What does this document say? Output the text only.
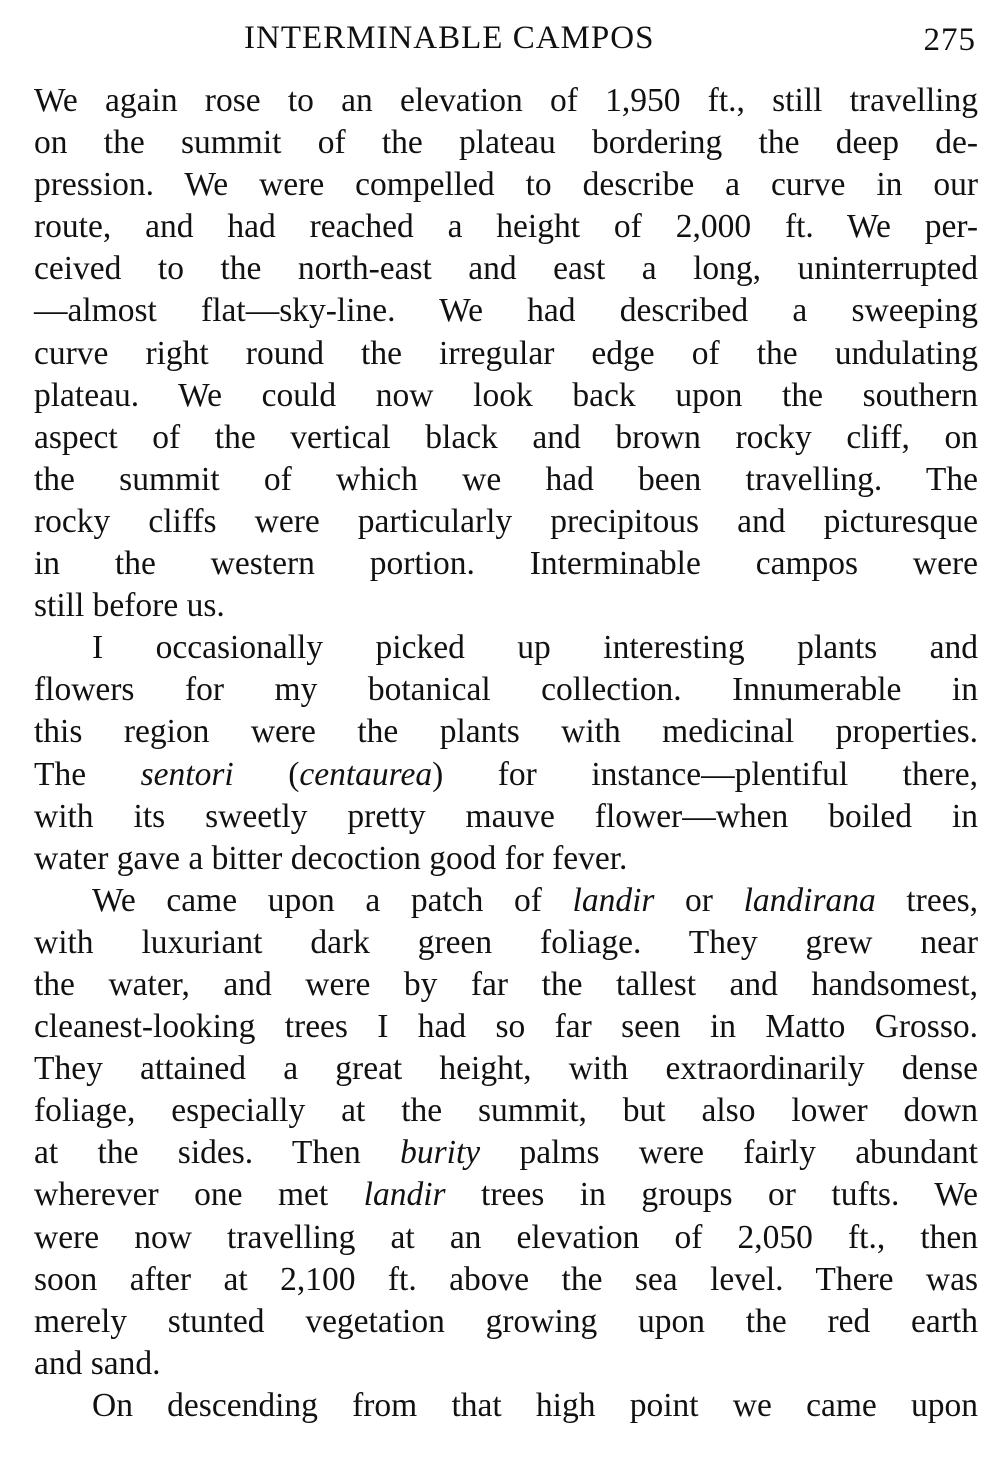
INTERMINABLE CAMPOS	275
We again rose to an elevation of 1,950 ft., still travelling
on the summit of the plateau bordering the deep de-
pression. We were compelled to describe a curve in our
route, and had reached a height of 2,000 ft. We per-
ceived to the north-east and east a long, uninterrupted
—almost flat—sky-line. We had described a sweeping
curve right round the irregular edge of the undulating
plateau. We could now look back upon the southern
aspect of the vertical black and brown rocky cliff, on
the summit of which we had been travelling. The
rocky cliffs were particularly precipitous and picturesque
in the western portion. Interminable campos were
still before us.
I occasionally picked up interesting plants and
flowers for my botanical collection. Innumerable in
this region were the plants with medicinal properties.
The sentori (centaurea) for instance—plentiful there,
with its sweetly pretty mauve flower—when boiled in
water gave a bitter decoction good for fever.
We came upon a patch of landir or landirana trees,
with luxuriant dark green foliage. They grew near
the water, and were by far the tallest and handsomest,
cleanest-looking trees I had so far seen in Matto Grosso.
They attained a great height, with extraordinarily dense
foliage, especially at the summit, but also lower down
at the sides. Then burity palms were fairly abundant
wherever one met landir trees in groups or tufts. We
were now travelling at an elevation of 2,050 ft., then
soon after at 2,100 ft. above the sea level. There was
merely stunted vegetation growing upon the red earth
and sand.
On descending from that high point we came upon
